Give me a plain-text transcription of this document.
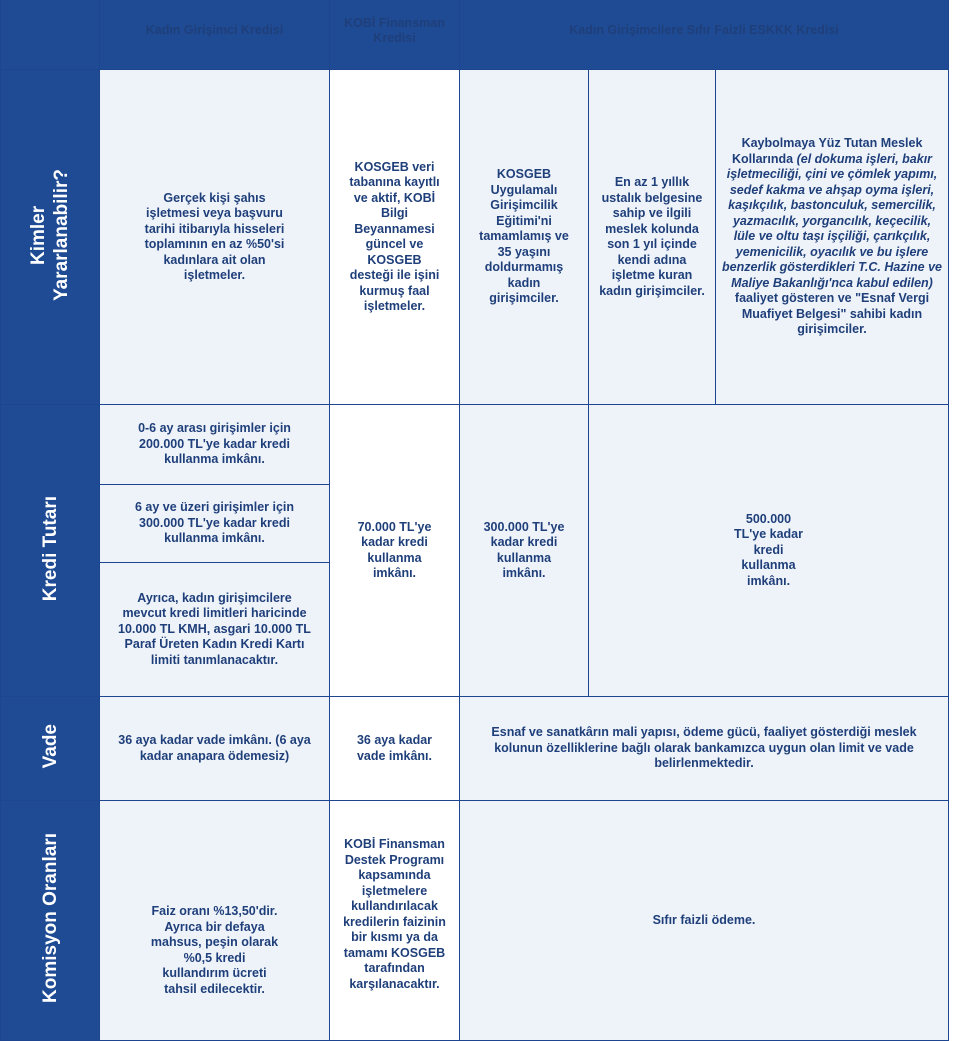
	Kadın Girişimci Kredisi	KOBİ Finansman Kredisi	Kadın Girişimcilere Sıfır Faizli ESKKK Kredisi		
Kimler
Yararlanabilir?	Gerçek kişi şahıs işletmesi veya başvuru tarihi itibarıyla hisseleri toplamının en az %50'si kadınlara ait olan işletmeler.	KOSGEB veri tabanına kayıtlı ve aktif, KOBİ Bilgi Beyannamesi güncel ve KOSGEB desteği ile işini kurmuş faal işletmeler.	KOSGEB Uygulamalı Girişimcilik Eğitimi'ni tamamlamış ve 35 yaşını doldurmamış kadın girişimciler.	En az 1 yıllık ustalık belgesine sahip ve ilgili meslek kolunda son 1 yıl içinde kendi adına işletme kuran kadın girişimciler.	Kaybolmaya Yüz Tutan Meslek Kollarında (el dokuma işleri, bakır işletmeciliği, çini ve çömlek yapımı, sedef kakma ve ahşap oyma işleri, kaşıkçılık, bastonculuk, semercilik, yazmacılık, yorgancılık, keçecilik, lüle ve oltu taşı işçiliği, çarıkçılık, yemenicilik, oyacılık ve bu işlere benzerlik gösterdikleri T.C. Hazine ve Maliye Bakanlığı'nca kabul edilen) faaliyet gösteren ve "Esnaf Vergi Muafiyet Belgesi" sahibi kadın girişimciler.
Kredi Tutarı	0-6 ay arası girişimler için 200.000 TL'ye kadar kredi kullanma imkânı.	70.000 TL'ye kadar kredi kullanma imkânı.	300.000 TL'ye kadar kredi kullanma imkânı.	500.000 TL'ye kadar kredi kullanma imkânı.	
	6 ay ve üzeri girişimler için 300.000 TL'ye kadar kredi kullanma imkânı.				
	Ayrıca, kadın girişimcilere mevcut kredi limitleri haricinde 10.000 TL KMH, asgari 10.000 TL Paraf Üreten Kadın Kredi Kartı limiti tanımlanacaktır.				
Vade	36 aya kadar vade imkânı. (6 aya kadar anapara ödemesiz)	36 aya kadar vade imkânı.	Esnaf ve sanatkârın mali yapısı, ödeme gücü, faaliyet gösterdiği meslek kolunun özelliklerine bağlı olarak bankamızca uygun olan limit ve vade belirlenmektedir.		
Komisyon Oranları	Faiz oranı %13,50'dir. Ayrıca bir defaya mahsus, peşin olarak %0,5 kredi kullandırım ücreti tahsil edilecektir.	KOBİ Finansman Destek Programı kapsamında işletmelere kullandırılacak kredilerin faizinin bir kısmı ya da tamamı KOSGEB tarafından karşılanacaktır.	Sıfır faizli ödeme.		
